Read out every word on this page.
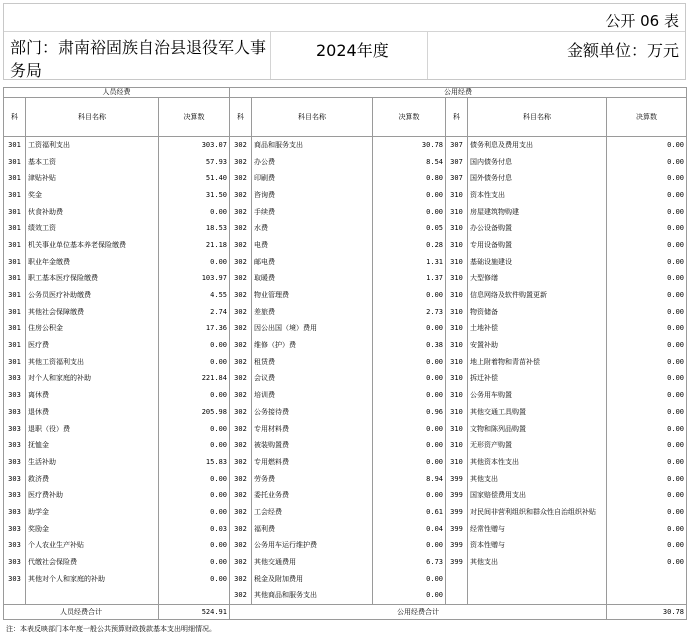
公开 06 表
部门：肃南裕固族自治县退役军人事务局
2024年度	金额单位：万元
人员经费			公用经费					
科	科目名称	决算数	科	科目名称	决算数	科	科目名称	决算数
301	工资福利支出	303.07	302	商品和服务支出	30.78	307	债务利息及费用支出	0.00
301	基本工资	57.93	302	办公费	8.54	307	国内债务付息	0.00
301	津贴补贴	51.40	302	印刷费	0.80	307	国外债务付息	0.00
301	奖金	31.50	302	咨询费	0.00	310	资本性支出	0.00
301	伙食补助费	0.00	302	手续费	0.00	310	房屋建筑物购建	0.00
301	绩效工资	18.53	302	水费	0.05	310	办公设备购置	0.00
301	机关事业单位基本养老保险缴费	21.18	302	电费	0.28	310	专用设备购置	0.00
301	职业年金缴费	0.00	302	邮电费	1.31	310	基础设施建设	0.00
301	职工基本医疗保险缴费	103.97	302	取暖费	1.37	310	大型修缮	0.00
301	公务员医疗补助缴费	4.55	302	物业管理费	0.00	310	信息网络及软件购置更新	0.00
301	其他社会保障缴费	2.74	302	差旅费	2.73	310	物资储备	0.00
301	住房公积金	17.36	302	因公出国（境）费用	0.00	310	土地补偿	0.00
301	医疗费	0.00	302	维修（护）费	0.38	310	安置补助	0.00
301	其他工资福利支出	0.00	302	租赁费	0.00	310	地上附着物和青苗补偿	0.00
303	对个人和家庭的补助	221.84	302	会议费	0.00	310	拆迁补偿	0.00
303	离休费	0.00	302	培训费	0.00	310	公务用车购置	0.00
303	退休费	205.98	302	公务接待费	0.96	310	其他交通工具购置	0.00
303	退职（役）费	0.00	302	专用材料费	0.00	310	文物和陈列品购置	0.00
303	抚恤金	0.00	302	被装购置费	0.00	310	无形资产购置	0.00
303	生活补助	15.83	302	专用燃料费	0.00	310	其他资本性支出	0.00
303	救济费	0.00	302	劳务费	8.94	399	其他支出	0.00
303	医疗费补助	0.00	302	委托业务费	0.00	399	国家赔偿费用支出	0.00
303	助学金	0.00	302	工会经费	0.61	399	对民间非营利组织和群众性自治组织补贴	0.00
303	奖励金	0.03	302	福利费	0.04	399	经常性赠与	0.00
303	个人农业生产补贴	0.00	302	公务用车运行维护费	0.00	399	资本性赠与	0.00
303	代缴社会保险费	0.00	302	其他交通费用	6.73	399	其他支出	0.00
303	其他对个人和家庭的补助	0.00	302	税金及附加费用	0.00			
			302	其他商品和服务支出	0.00			
人员经费合计		524.91	公用经费合计					30.78
注：本表反映部门本年度一般公共预算财政拨款基本支出明细情况。
